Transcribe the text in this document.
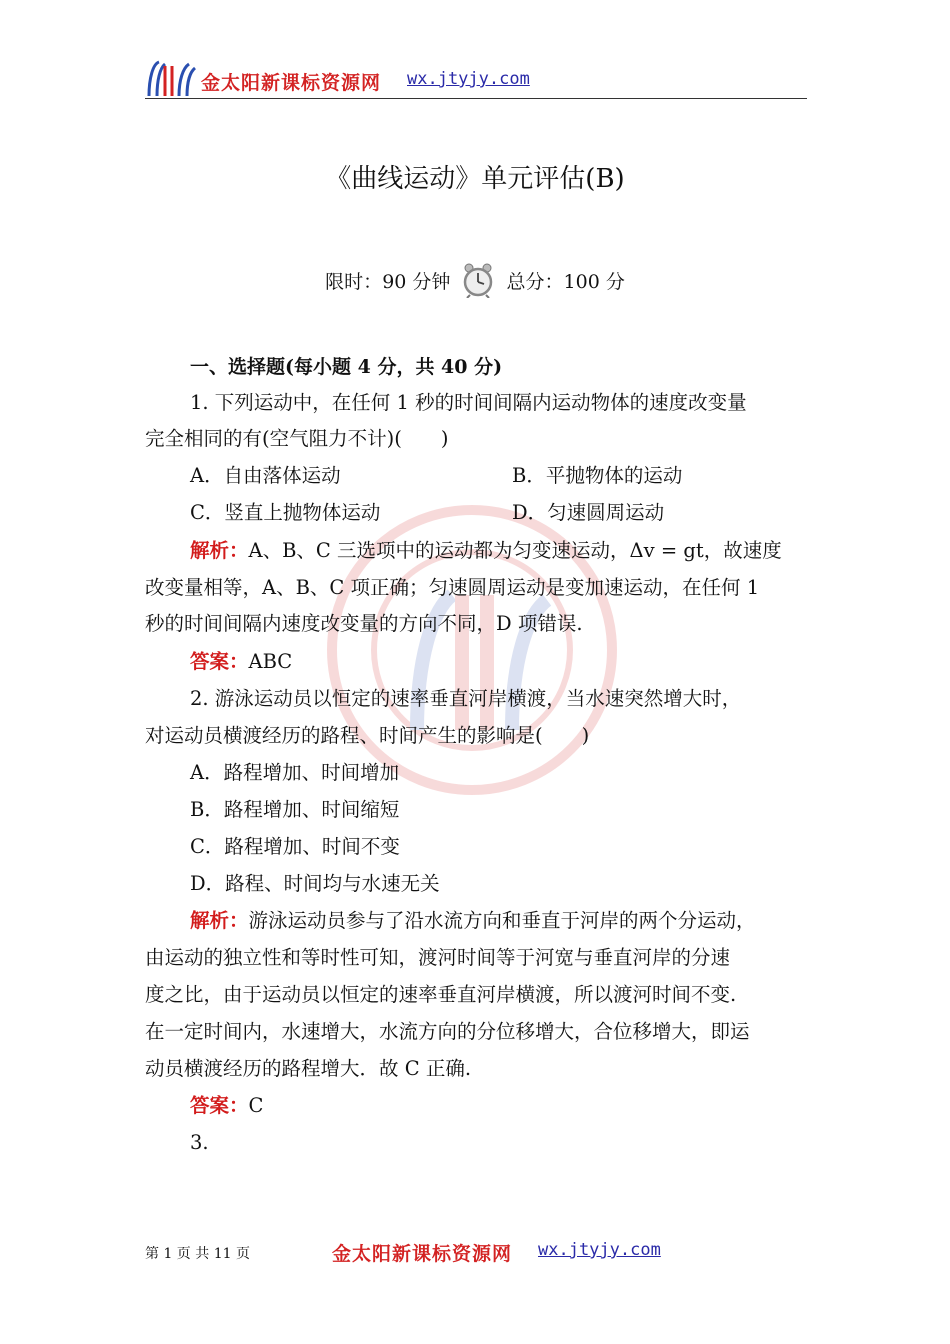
金太阳新课标资源网 wx.jtyjy.com
《曲线运动》单元评估(B)
限时：90 分钟	总分：100 分
一、选择题(每小题 4 分，共 40 分)
1. 下列运动中，在任何 1 秒的时间间隔内运动物体的速度改变量
完全相同的有(空气阻力不计)(　　)
A．自由落体运动	B．平抛物体的运动
C．竖直上抛物体运动	D．匀速圆周运动
解析：A、B、C 三选项中的运动都为匀变速运动，Δv = gt，故速度
改变量相等，A、B、C 项正确；匀速圆周运动是变加速运动，在任何 1
秒的时间间隔内速度改变量的方向不同，D 项错误.
答案：ABC
2. 游泳运动员以恒定的速率垂直河岸横渡，当水速突然增大时，
对运动员横渡经历的路程、时间产生的影响是(　　)
A．路程增加、时间增加
B．路程增加、时间缩短
C．路程增加、时间不变
D．路程、时间均与水速无关
解析：游泳运动员参与了沿水流方向和垂直于河岸的两个分运动，
由运动的独立性和等时性可知，渡河时间等于河宽与垂直河岸的分速
度之比，由于运动员以恒定的速率垂直河岸横渡，所以渡河时间不变.
在一定时间内，水速增大，水流方向的分位移增大，合位移增大，即运
动员横渡经历的路程增大．故 C 正确.
答案：C
3.
第 1 页 共 11 页	金太阳新课标资源网 wx.jtyjy.com
